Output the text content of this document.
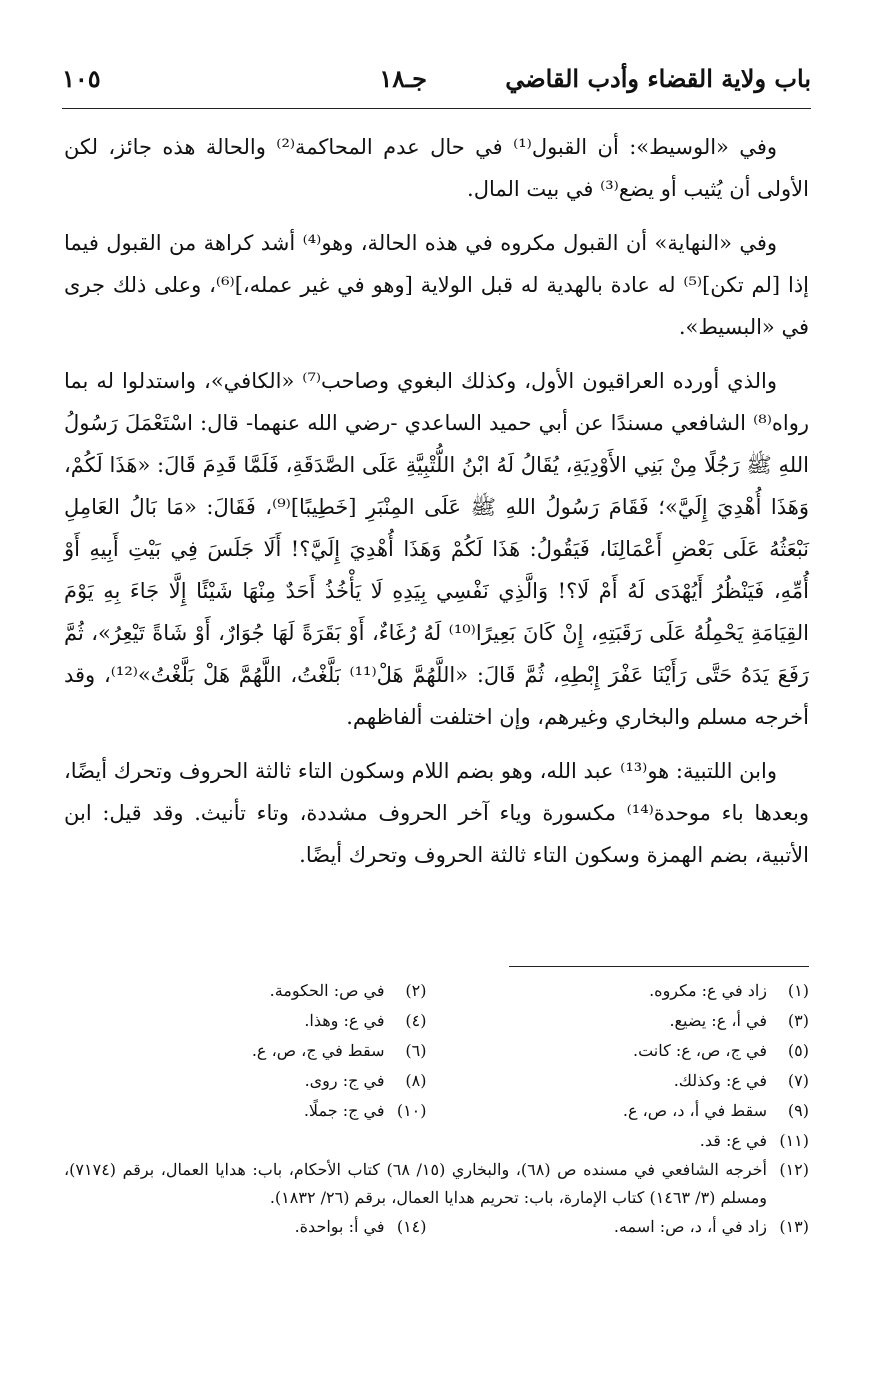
باب ولاية القضاء وأدب القاضي
جـ١٨
١٠٥

وفي «الوسيط»: أن القبول⁽¹⁾ في حال عدم المحاكمة⁽²⁾ والحالة هذه جائز، لكن الأولى أن يُثيب أو يضع⁽³⁾ في بيت المال.

وفي «النهاية» أن القبول مكروه في هذه الحالة، وهو⁽⁴⁾ أشد كراهة من القبول فيما إذا [لم تكن]⁽⁵⁾ له عادة بالهدية له قبل الولاية [وهو في غير عمله،]⁽⁶⁾، وعلى ذلك جرى في «البسيط».

والذي أورده العراقيون الأول، وكذلك البغوي وصاحب⁽⁷⁾ «الكافي»، واستدلوا له بما رواه⁽⁸⁾ الشافعي مسندًا عن أبي حميد الساعدي -رضي الله عنهما- قال: اسْتَعْمَلَ رَسُولُ اللهِ ﷺ رَجُلًا مِنْ بَنِي الأَوْدِيَةِ، يُقَالُ لَهُ ابْنُ اللُّتْبِيَّةِ عَلَى الصَّدَقَةِ، فَلَمَّا قَدِمَ قَالَ: «هَذَا لَكُمْ، وَهَذَا أُهْدِيَ إِلَيَّ»؛ فَقَامَ رَسُولُ اللهِ ﷺ عَلَى المِنْبَرِ [خَطِيبًا]⁽⁹⁾، فَقَالَ: «مَا بَالُ العَامِلِ نَبْعَثُهُ عَلَى بَعْضِ أَعْمَالِنَا، فَيَقُولُ: هَذَا لَكُمْ وَهَذَا أُهْدِيَ إِلَيَّ؟! أَلَا جَلَسَ فِي بَيْتِ أَبِيهِ أَوْ أُمِّهِ، فَيَنْظُرُ أَيُهْدَى لَهُ أَمْ لَا؟! وَالَّذِي نَفْسِي بِيَدِهِ لَا يَأْخُذُ أَحَدٌ مِنْهَا شَيْئًا إِلَّا جَاءَ بِهِ يَوْمَ القِيَامَةِ يَحْمِلُهُ عَلَى رَقَبَتِهِ، إِنْ كَانَ بَعِيرًا⁽¹⁰⁾ لَهُ رُغَاءٌ، أَوْ بَقَرَةً لَهَا جُوَارٌ، أَوْ شَاةً تَيْعِرُ»، ثُمَّ رَفَعَ يَدَهُ حَتَّى رَأَيْنَا عَفْرَ إِبْطِهِ، ثُمَّ قَالَ: «اللَّهُمَّ هَلْ⁽¹¹⁾ بَلَّغْتُ، اللَّهُمَّ هَلْ بَلَّغْتُ»⁽¹²⁾، وقد أخرجه مسلم والبخاري وغيرهم، وإن اختلفت ألفاظهم.

وابن اللتبية: هو⁽¹³⁾ عبد الله، وهو بضم اللام وسكون التاء ثالثة الحروف وتحرك أيضًا، وبعدها باء موحدة⁽¹⁴⁾ مكسورة وياء آخر الحروف مشددة، وتاء تأنيث. وقد قيل: ابن الأتبية، بضم الهمزة وسكون التاء ثالثة الحروف وتحرك أيضًا.

(١)زاد في ع: مكروه.
(٢)في ص: الحكومة.
(٣)في أ، ع: يضيع.
(٤)في ع: وهذا.
(٥)في ج، ص، ع: كانت.
(٦)سقط في ج، ص، ع.
(٧)في ع: وكذلك.
(٨)في ج: روى.
(٩)سقط في أ، د، ص، ع.
(١٠)في ج: جملًا.
(١١)في ع: قد.
(١٢)أخرجه الشافعي في مسنده ص (٦٨)، والبخاري (١٥/ ٦٨) كتاب الأحكام، باب: هدايا العمال، برقم (٧١٧٤)، ومسلم (٣/ ١٤٦٣) كتاب الإمارة، باب: تحريم هدايا العمال، برقم (٢٦/ ١٨٣٢).
(١٣)زاد في أ، د، ص: اسمه.
(١٤)في أ: بواحدة.
